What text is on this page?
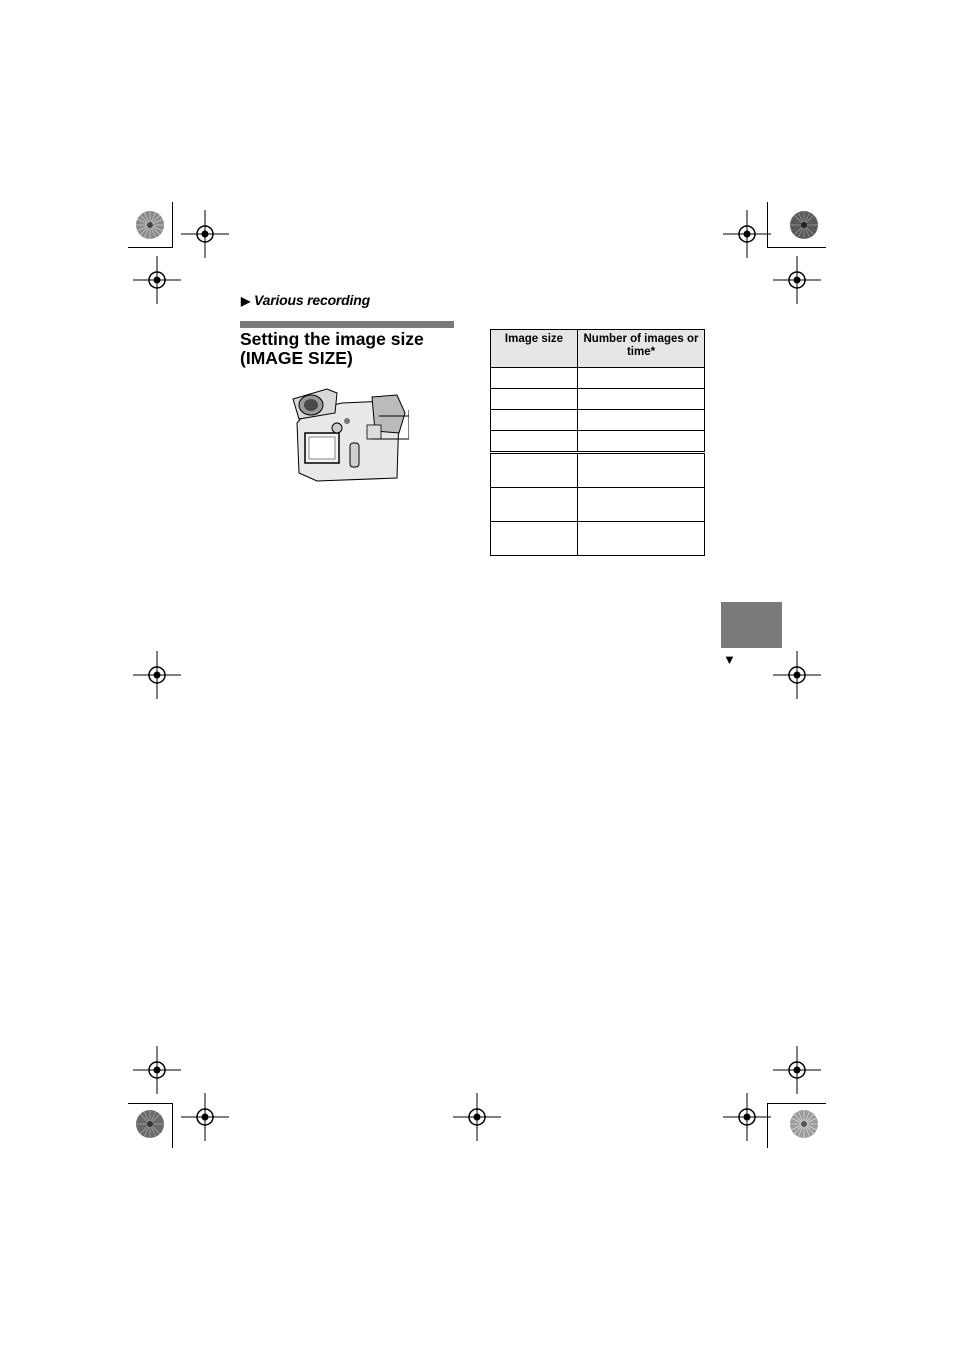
▶ Various recording
Setting the image size
(IMAGE SIZE)
Image size	Number of images or time*

▼
